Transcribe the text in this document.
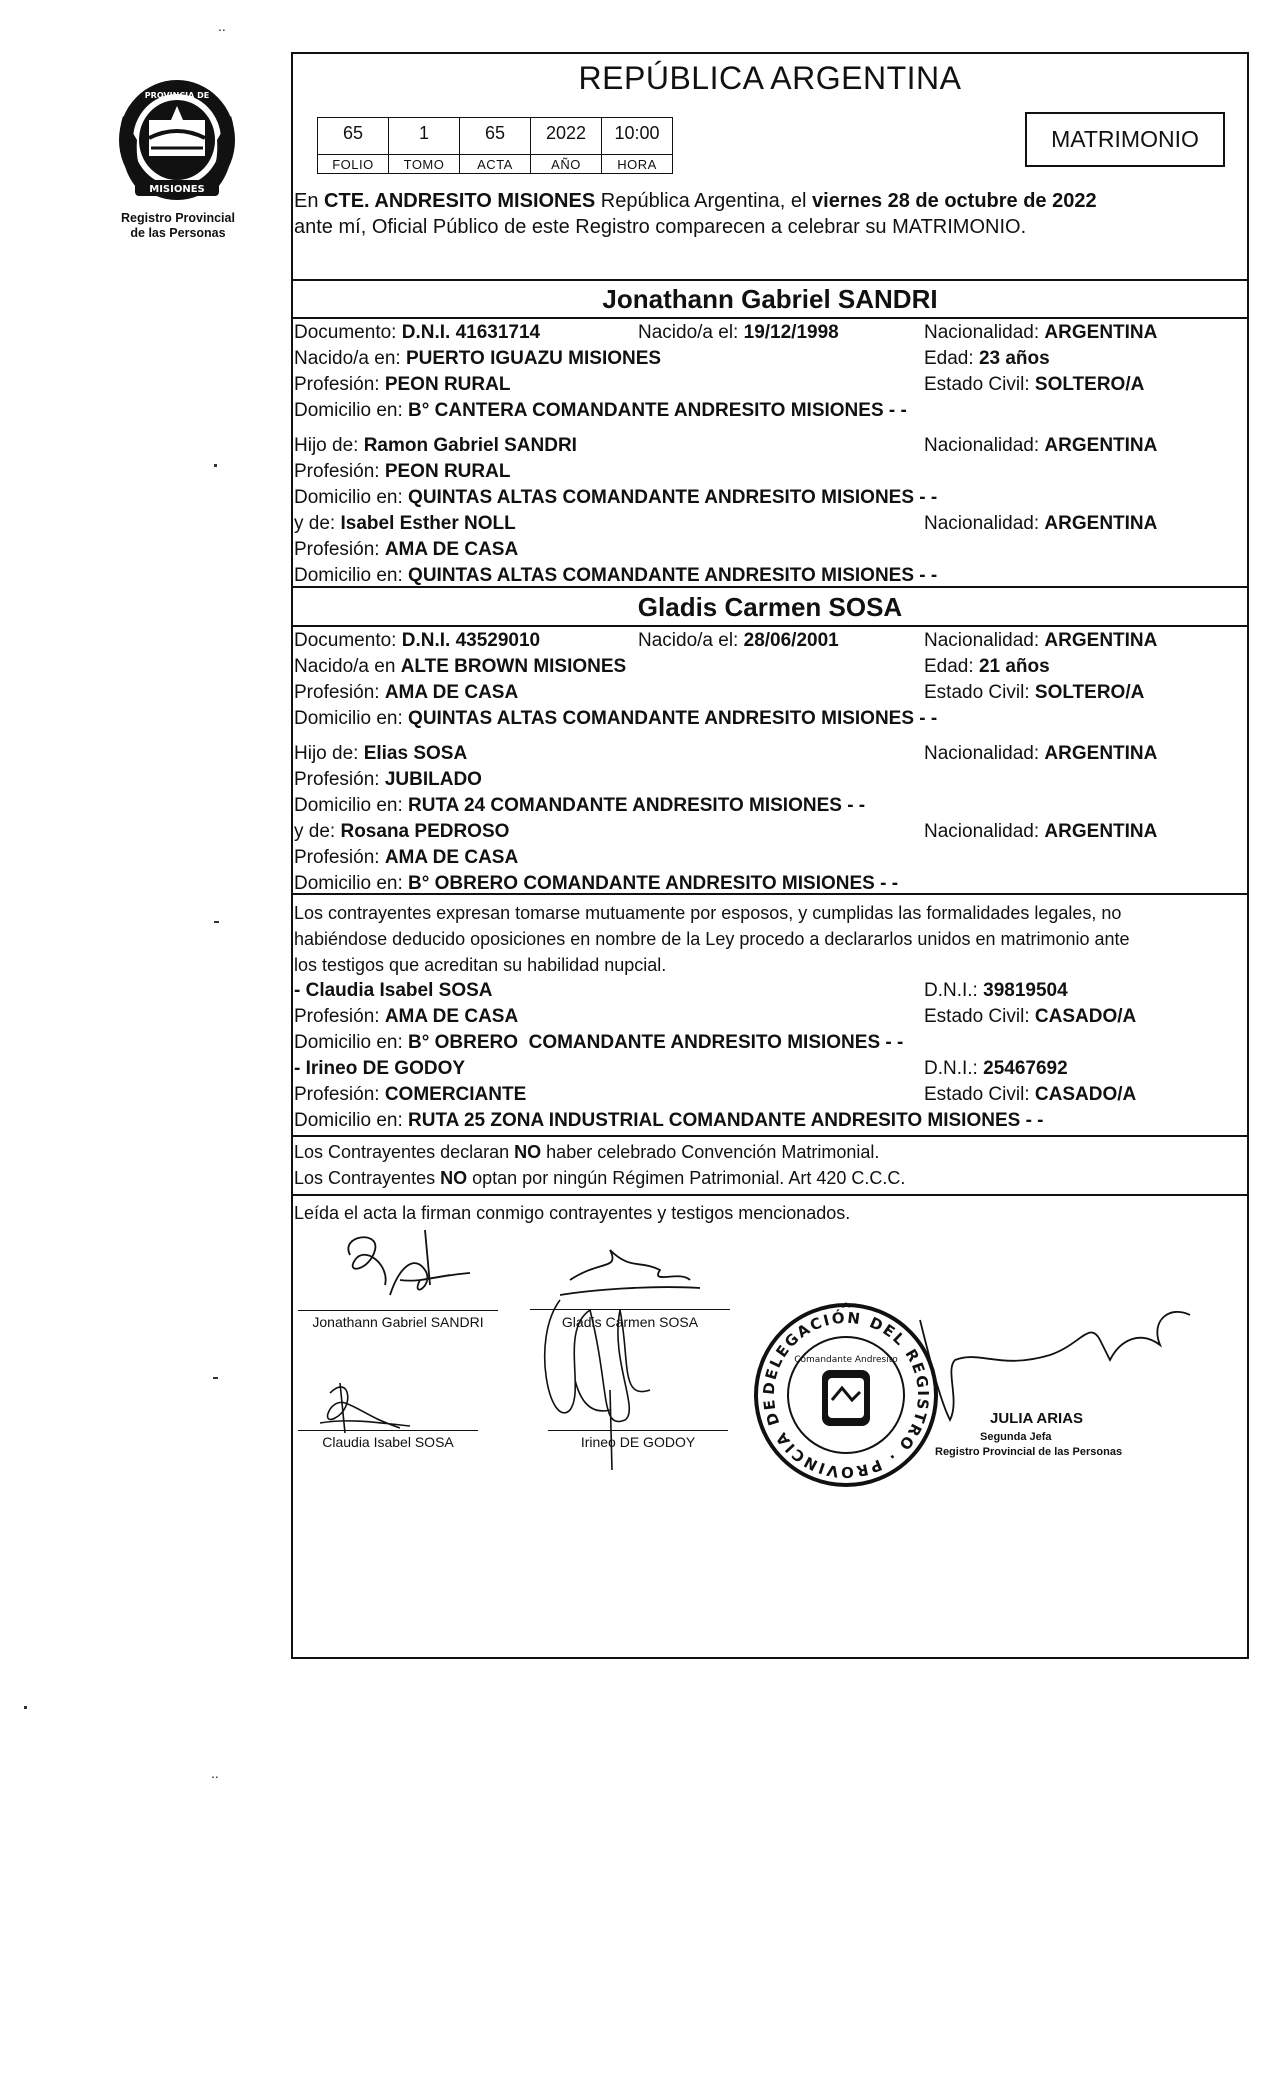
..
..
MISIONES
PROVINCIA DE
Registro Provincial
de las Personas
REPÚBLICA ARGENTINA
65	1	65	2022	10:00
FOLIO	TOMO	ACTA	AÑO	HORA
MATRIMONIO
En CTE. ANDRESITO MISIONES República Argentina, el viernes 28 de octubre de 2022
ante mí, Oficial Público de este Registro comparecen a celebrar su MATRIMONIO.
Jonathann Gabriel SANDRI
Documento: D.N.I. 41631714	Nacido/a el: 19/12/1998	Nacionalidad: ARGENTINA
Nacido/a en: PUERTO IGUAZU MISIONES	Edad: 23 años
Profesión: PEON RURAL	Estado Civil: SOLTERO/A
Domicilio en: B° CANTERA COMANDANTE ANDRESITO MISIONES - -
Hijo de: Ramon Gabriel SANDRI	Nacionalidad: ARGENTINA
Profesión: PEON RURAL
Domicilio en: QUINTAS ALTAS COMANDANTE ANDRESITO MISIONES - -
y de: Isabel Esther NOLL	Nacionalidad: ARGENTINA
Profesión: AMA DE CASA
Domicilio en: QUINTAS ALTAS COMANDANTE ANDRESITO MISIONES - -
Gladis Carmen SOSA
Documento: D.N.I. 43529010	Nacido/a el: 28/06/2001	Nacionalidad: ARGENTINA
Nacido/a en ALTE BROWN MISIONES	Edad: 21 años
Profesión: AMA DE CASA	Estado Civil: SOLTERO/A
Domicilio en: QUINTAS ALTAS COMANDANTE ANDRESITO MISIONES - -
Hijo de: Elias SOSA	Nacionalidad: ARGENTINA
Profesión: JUBILADO
Domicilio en: RUTA 24 COMANDANTE ANDRESITO MISIONES - -
y de: Rosana PEDROSO	Nacionalidad: ARGENTINA
Profesión: AMA DE CASA
Domicilio en: B° OBRERO COMANDANTE ANDRESITO MISIONES - -
Los contrayentes expresan tomarse mutuamente por esposos, y cumplidas las formalidades legales, no
habiéndose deducido oposiciones en nombre de la Ley procedo a declararlos unidos en matrimonio ante
los testigos que acreditan su habilidad nupcial.
- Claudia Isabel SOSA	D.N.I.: 39819504
Profesión: AMA DE CASA	Estado Civil: CASADO/A
Domicilio en: B° OBRERO  COMANDANTE ANDRESITO MISIONES - -
- Irineo DE GODOY	D.N.I.: 25467692
Profesión: COMERCIANTE	Estado Civil: CASADO/A
Domicilio en: RUTA 25 ZONA INDUSTRIAL COMANDANTE ANDRESITO MISIONES - -
Los Contrayentes declaran NO haber celebrado Convención Matrimonial.
Los Contrayentes NO optan por ningún Régimen Patrimonial. Art 420 C.C.C.
Leída el acta la firman conmigo contrayentes y testigos mencionados.
Jonathann Gabriel SANDRI	Gladis Carmen SOSA
Claudia Isabel SOSA	Irineo DE GODOY
DELEGACIÓN DEL REGISTRO · PROVINCIA DE
Comandante Andresito
JULIA ARIAS
Segunda Jefa
Registro Provincial de las Personas
